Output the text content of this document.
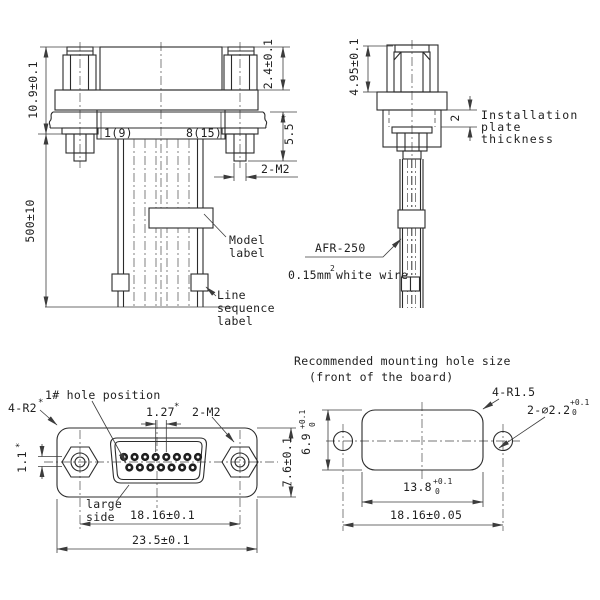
10.9±0.1
500±10
2.4±0.1
5.5
*
2-M2
1(9)	8(15)
Model
label
Line
sequence
label
4.95±0.1
2 Installation
plate
thickness
AFR-250
0.15mm
2 white wire
4-R2 *
1# hole position
1.27 * 2-M2
1.1
*	7.6±0.1
large
side 18.16±0.1
23.5±0.1
Recommended mounting hole size
(front of the board)
4-R1.5
2-∅2.2
+0.1
0
6.9
+0.1 0
13.8 +0.1
0
18.16±0.05
